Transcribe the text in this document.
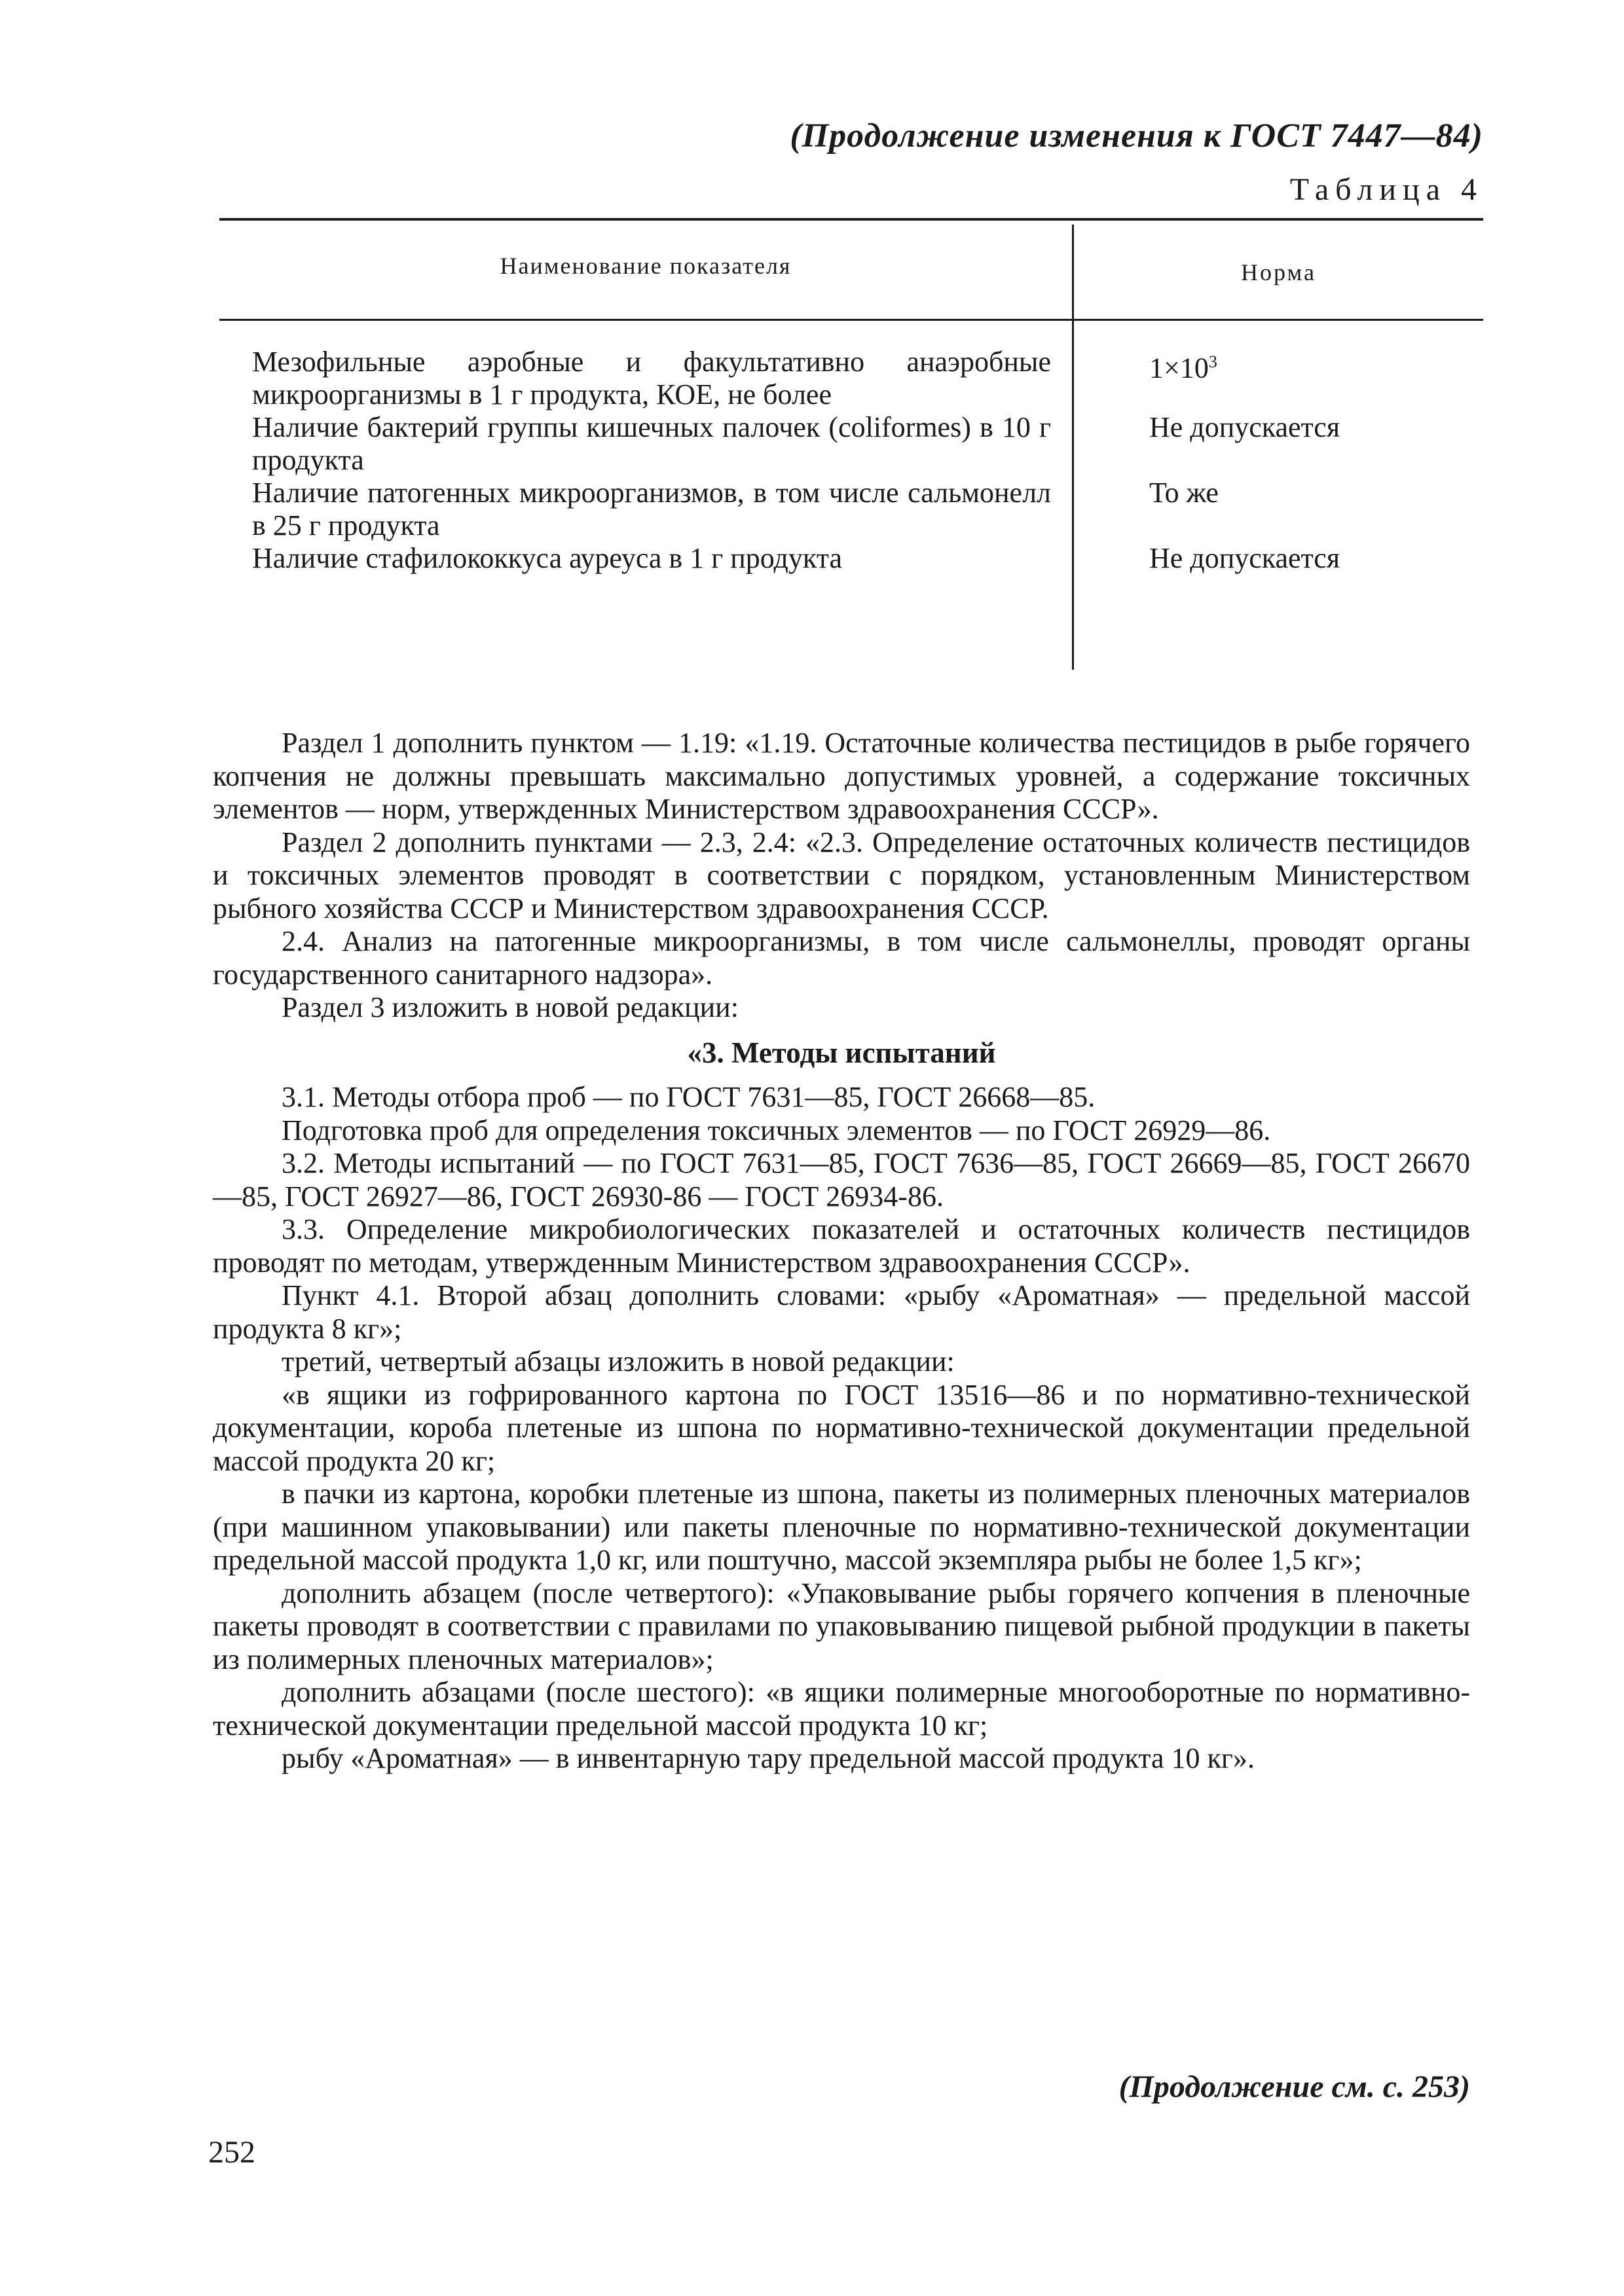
(Продолжение изменения к ГОСТ 7447—84)
Таблица 4
Наименование показателя	Норма
Мезофильные аэробные и факультативно анаэробные микроорганизмы в 1 г продукта, КОЕ, не более
$1\times 10^3$
Наличие бактерий группы кишечных палочек (coliformes) в 10 г продукта
Не допускается
Наличие патогенных микроорганизмов, в том числе сальмонелл в 25 г продукта
То же
Наличие стафилококкуса ауреуса в 1 г продукта	Не допускается

Раздел 1 дополнить пунктом — 1.19: «1.19. Остаточные количества пестицидов в рыбе горячего копчения не должны превышать максимально допустимых уровней, а содержание токсичных элементов — норм, утвержденных Министерством здравоохранения СССР».

Раздел 2 дополнить пунктами — 2.3, 2.4: «2.3. Определение остаточных количеств пестицидов и токсичных элементов проводят в соответствии с порядком, установленным Министерством рыбного хозяйства СССР и Министерством здравоохранения СССР.

2.4. Анализ на патогенные микроорганизмы, в том числе сальмонеллы, проводят органы государственного санитарного надзора».

Раздел 3 изложить в новой редакции:

«3. Методы испытаний

3.1. Методы отбора проб — по ГОСТ 7631—85, ГОСТ 26668—85.

Подготовка проб для определения токсичных элементов — по ГОСТ 26929—86.

3.2. Методы испытаний — по ГОСТ 7631—85, ГОСТ 7636—85, ГОСТ 26669—85, ГОСТ 26670—85, ГОСТ 26927—86, ГОСТ 26930-86 — ГОСТ 26934-86.

3.3. Определение микробиологических показателей и остаточных количеств пестицидов проводят по методам, утвержденным Министерством здравоохранения СССР».

Пункт 4.1. Второй абзац дополнить словами: «рыбу «Ароматная» — предельной массой продукта 8 кг»;

третий, четвертый абзацы изложить в новой редакции:

«в ящики из гофрированного картона по ГОСТ 13516—86 и по нормативно-технической документации, короба плетеные из шпона по нормативно-технической документации предельной массой продукта 20 кг;

в пачки из картона, коробки плетеные из шпона, пакеты из полимерных пленочных материалов (при машинном упаковывании) или пакеты пленочные по нормативно-технической документации предельной массой продукта 1,0 кг, или поштучно, массой экземпляра рыбы не более 1,5 кг»;

дополнить абзацем (после четвертого): «Упаковывание рыбы горячего копчения в пленочные пакеты проводят в соответствии с правилами по упаковыванию пищевой рыбной продукции в пакеты из полимерных пленочных материалов»;

дополнить абзацами (после шестого): «в ящики полимерные многооборотные по нормативно-технической документации предельной массой продукта 10 кг;

рыбу «Ароматная» — в инвентарную тару предельной массой продукта 10 кг».

(Продолжение см. с. 253)
252
